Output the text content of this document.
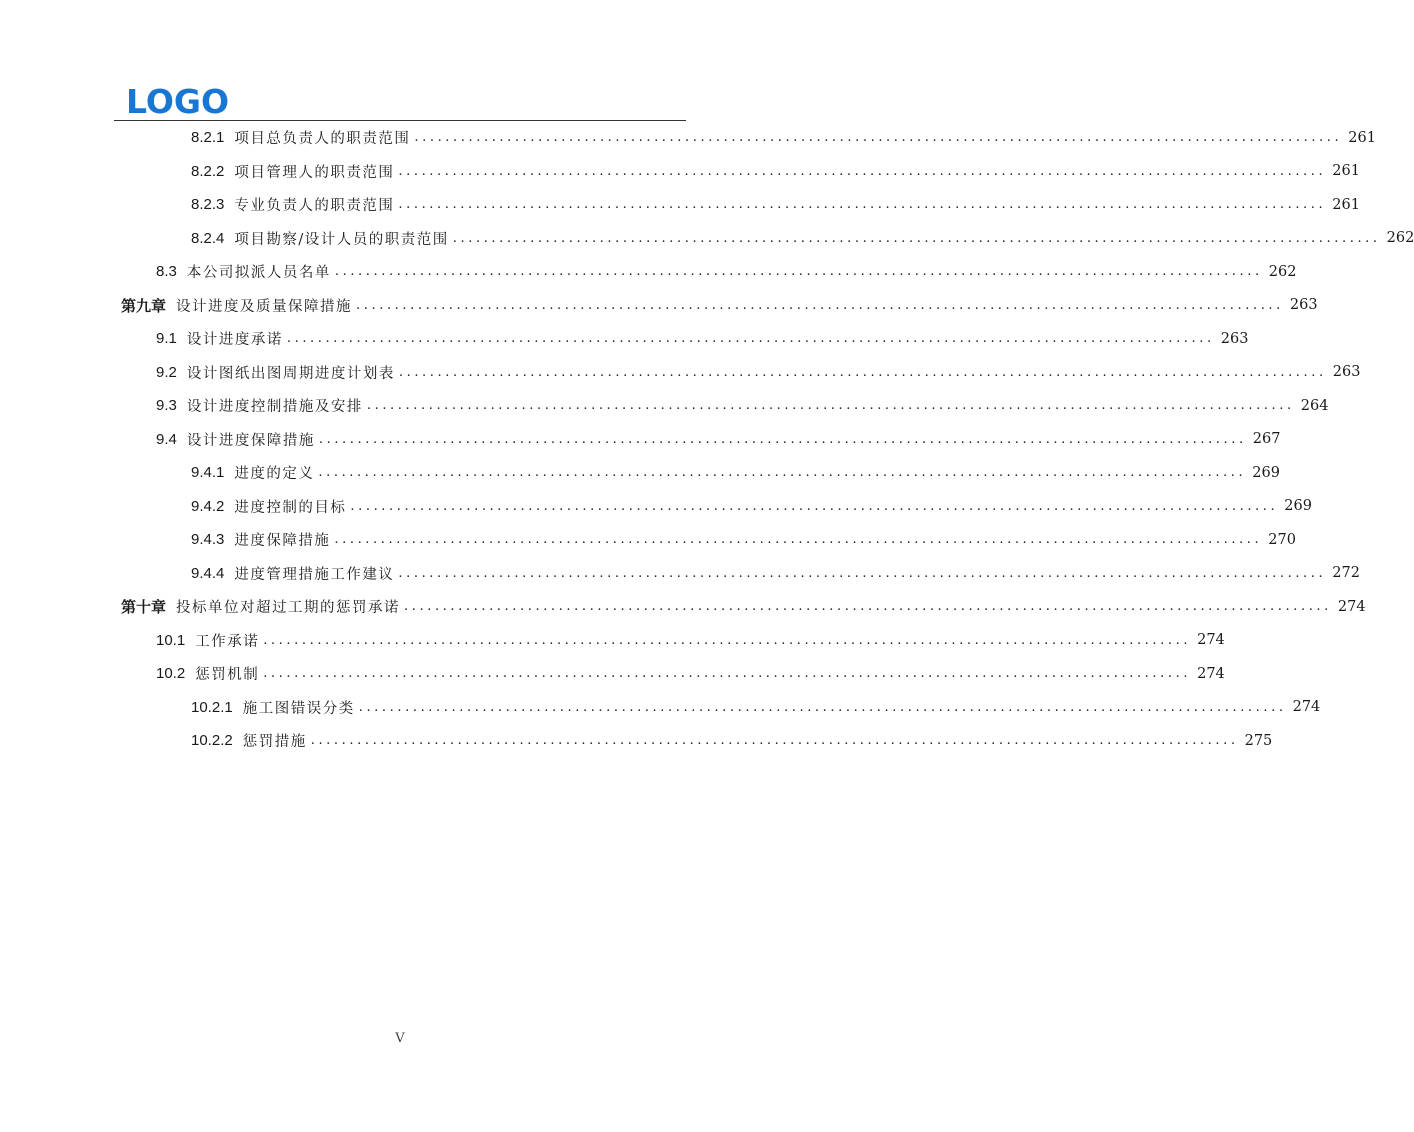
LOGO
8.2.1 项目总负责人的职责范围 ........................................................................................................................ 261
8.2.2 项目管理人的职责范围 ........................................................................................................................ 261
8.2.3 专业负责人的职责范围 ........................................................................................................................ 261
8.2.4 项目勘察/设计人员的职责范围 ........................................................................................................................ 262
8.3 本公司拟派人员名单 ........................................................................................................................ 262
第九章 设计进度及质量保障措施 ........................................................................................................................ 263
9.1 设计进度承诺 ........................................................................................................................ 263
9.2 设计图纸出图周期进度计划表 ........................................................................................................................ 263
9.3 设计进度控制措施及安排 ........................................................................................................................ 264
9.4 设计进度保障措施 ........................................................................................................................ 267
9.4.1 进度的定义 ........................................................................................................................ 269
9.4.2 进度控制的目标 ........................................................................................................................ 269
9.4.3 进度保障措施 ........................................................................................................................ 270
9.4.4 进度管理措施工作建议 ........................................................................................................................ 272
第十章 投标单位对超过工期的惩罚承诺 ........................................................................................................................ 274
10.1 工作承诺 ........................................................................................................................ 274
10.2 惩罚机制 ........................................................................................................................ 274
10.2.1 施工图错误分类 ........................................................................................................................ 274
10.2.2 惩罚措施 ........................................................................................................................ 275
V
